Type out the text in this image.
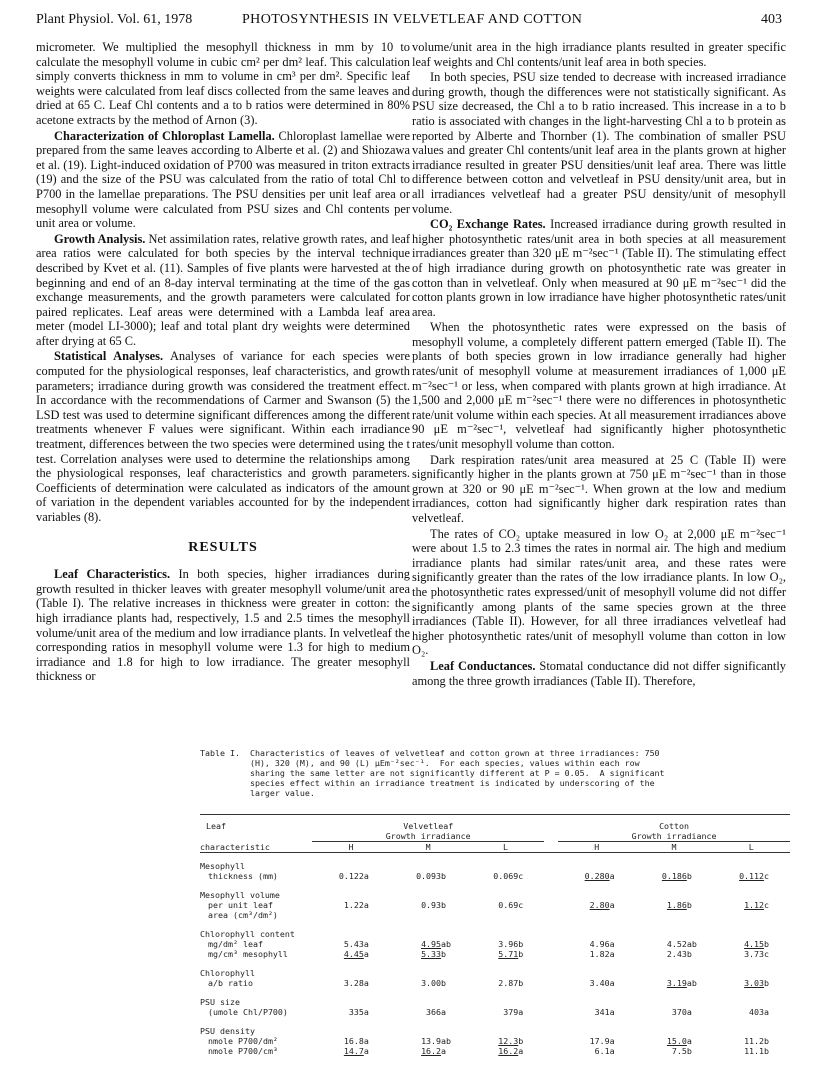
Plant Physiol. Vol. 61, 1978	PHOTOSYNTHESIS IN VELVETLEAF AND COTTON	403

micrometer. We multiplied the mesophyll thickness in mm by 10 to calculate the mesophyll volume in cubic cm² per dm² leaf. This calculation simply converts thickness in mm to volume in cm³ per dm². Specific leaf weights were calculated from leaf discs collected from the same leaves and dried at 65 C. Leaf Chl contents and a to b ratios were determined in 80% acetone extracts by the method of Arnon (3).

Characterization of Chloroplast Lamella. Chloroplast lamellae were prepared from the same leaves according to Alberte et al. (2) and Shiozawa et al. (19). Light-induced oxidation of P700 was measured in triton extracts (19) and the size of the PSU was calculated from the ratio of total Chl to P700 in the lamellae preparations. The PSU densities per unit leaf area or mesophyll volume were calculated from PSU sizes and Chl contents per unit area or volume.

Growth Analysis. Net assimilation rates, relative growth rates, and leaf area ratios were calculated for both species by the interval technique described by Kvet et al. (11). Samples of five plants were harvested at the beginning and end of an 8-day interval terminating at the time of the gas exchange measurements, and the growth parameters were calculated for paired replicates. Leaf areas were determined with a Lambda leaf area meter (model LI-3000); leaf and total plant dry weights were determined after drying at 65 C.

Statistical Analyses. Analyses of variance for each species were computed for the physiological responses, leaf characteristics, and growth parameters; irradiance during growth was considered the treatment effect. In accordance with the recommendations of Carmer and Swanson (5) the LSD test was used to determine significant differences among the different treatments whenever F values were significant. Within each irradiance treatment, differences between the two species were determined using the t test. Correlation analyses were used to determine the relationships among the physiological responses, leaf characteristics and growth parameters. Coefficients of determination were calculated as indicators of the amount of variation in the dependent variables accounted for by the independent variables (8).

RESULTS

Leaf Characteristics. In both species, higher irradiances during growth resulted in thicker leaves with greater mesophyll volume/unit area (Table I). The relative increases in thickness were greater in cotton: the high irradiance plants had, respectively, 1.5 and 2.5 times the mesophyll volume/unit area of the medium and low irradiance plants. In velvetleaf the corresponding ratios in mesophyll volume were 1.3 for high to medium irradiance and 1.8 for high to low irradiance. The greater mesophyll thickness or

volume/unit area in the high irradiance plants resulted in greater specific leaf weights and Chl contents/unit leaf area in both species.

In both species, PSU size tended to decrease with increased irradiance during growth, though the differences were not statistically significant. As PSU size decreased, the Chl a to b ratio increased. This increase in a to b ratio is associated with changes in the light-harvesting Chl a to b protein as reported by Alberte and Thornber (1). The combination of smaller PSU values and greater Chl contents/unit leaf area in the plants grown at higher irradiance resulted in greater PSU densities/unit leaf area. There was little difference between cotton and velvetleaf in PSU density/unit area, but in all irradiances velvetleaf had a greater PSU density/unit of mesophyll volume.

CO₂ Exchange Rates. Increased irradiance during growth resulted in higher photosynthetic rates/unit area in both species at all measurement irradiances greater than 320 μE m⁻²sec⁻¹ (Table II). The stimulating effect of high irradiance during growth on photosynthetic rate was greater in cotton than in velvetleaf. Only when measured at 90 μE m⁻²sec⁻¹ did the cotton plants grown in low irradiance have higher photosynthetic rates/unit area.

When the photosynthetic rates were expressed on the basis of mesophyll volume, a completely different pattern emerged (Table II). The plants of both species grown in low irradiance generally had higher rates/unit of mesophyll volume at measurement irradiances of 1,000 μE m⁻²sec⁻¹ or less, when compared with plants grown at high irradiance. At 1,500 and 2,000 μE m⁻²sec⁻¹ there were no differences in photosynthetic rate/unit volume within each species. At all measurement irradiances above 90 μE m⁻²sec⁻¹, velvetleaf had significantly higher photosynthetic rates/unit mesophyll volume than cotton.

Dark respiration rates/unit area measured at 25 C (Table II) were significantly higher in the plants grown at 750 μE m⁻²sec⁻¹ than in those grown at 320 or 90 μE m⁻²sec⁻¹. When grown at the low and medium irradiances, cotton had significantly higher dark respiration rates than velvetleaf.

The rates of CO₂ uptake measured in low O₂ at 2,000 μE m⁻²sec⁻¹ were about 1.5 to 2.3 times the rates in normal air. The high and medium irradiance plants had similar rates/unit area, and these rates were significantly greater than the rates of the low irradiance plants. In low O₂, the photosynthetic rates expressed/unit of mesophyll volume did not differ significantly among plants of the same species grown at the three irradiances (Table II). However, for all three irradiances velvetleaf had higher photosynthetic rates/unit of mesophyll volume than cotton in low O₂.

Leaf Conductances. Stomatal conductance did not differ significantly among the three growth irradiances (Table II). Therefore,

Table I.  Characteristics of leaves of velvetleaf and cotton grown at three irradiances: 750
(H), 320 (M), and 90 (L) μEm⁻²sec⁻¹.  For each species, values within each row
sharing the same letter are not significantly different at P = 0.05.  A significant
species effect within an irradiance treatment is indicated by underscoring of the
larger value.
Leaf	Velvetleaf							Cotton					
	Growth irradiance							Growth irradiance					
characteristic	H		M		L			H		M		L	

Mesophyll													
thickness (mm)	0.122	a	0.093	b	0.069	c		0.280	a	0.186	b	0.112	c

Mesophyll volume													
per unit leaf	1.22	a	0.93	b	0.69	c		2.80	a	1.86	b	1.12	c
area (cm³/dm²)													

Chlorophyll content													
mg/dm² leaf	5.43	a	4.95	ab	3.96	b		4.96	a	4.52	ab	4.15	b
mg/cm³ mesophyll	4.45	a	5.33	b	5.71	b		1.82	a	2.43	b	3.73	c

Chlorophyll													
a/b ratio	3.28	a	3.00	b	2.87	b		3.40	a	3.19	ab	3.03	b

PSU size													
(umole Chl/P700)	335	a	366	a	379	a		341	a	370	a	403	a

PSU density													
nmole P700/dm²	16.8	a	13.9	ab	12.3	b		17.9	a	15.0	a	11.2	b
nmole P700/cm³	14.7	a	16.2	a	16.2	a		6.1	a	7.5	b	11.1	b
